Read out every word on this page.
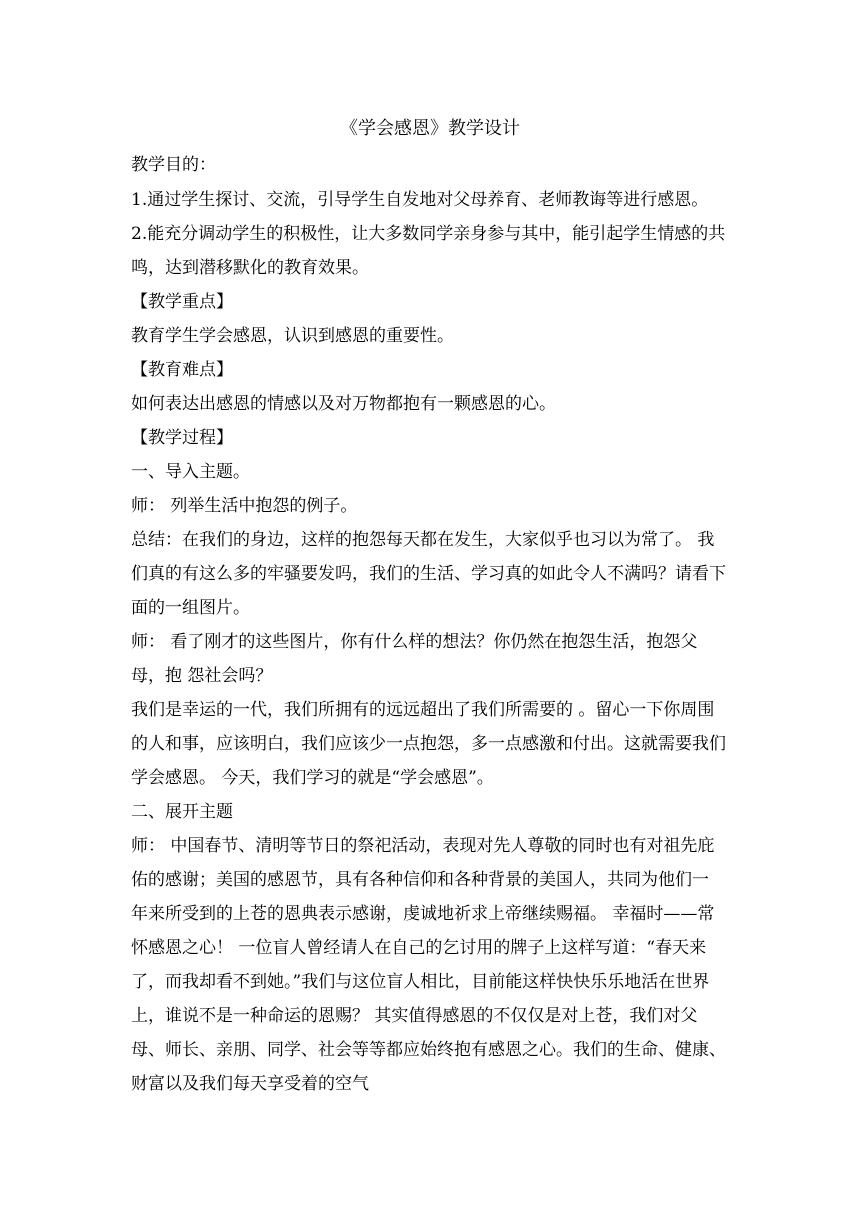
《学会感恩》教学设计
教学目的：
1.通过学生探讨、交流，引导学生自发地对父母养育、老师教诲等进行感恩。
2.能充分调动学生的积极性，让大多数同学亲身参与其中，能引起学生情感的共
鸣，达到潜移默化的教育效果。
【教学重点】
教育学生学会感恩，认识到感恩的重要性。
【教育难点】
如何表达出感恩的情感以及对万物都抱有一颗感恩的心。
【教学过程】
一、导入主题。
师： 列举生活中抱怨的例子。
总结：在我们的身边，这样的抱怨每天都在发生，大家似乎也习以为常了。 我
们真的有这么多的牢骚要发吗，我们的生活、学习真的如此令人不满吗？请看下
面的一组图片。
师： 看了刚才的这些图片，你有什么样的想法？你仍然在抱怨生活，抱怨父
母，抱 怨社会吗？
我们是幸运的一代，我们所拥有的远远超出了我们所需要的 。留心一下你周围
的人和事，应该明白，我们应该少一点抱怨，多一点感激和付出。这就需要我们
学会感恩。 今天，我们学习的就是“学会感恩”。
二、展开主题
师： 中国春节、清明等节日的祭祀活动，表现对先人尊敬的同时也有对祖先庇
佑的感谢；美国的感恩节，具有各种信仰和各种背景的美国人，共同为他们一
年来所受到的上苍的恩典表示感谢，虔诚地祈求上帝继续赐福。 幸福时——常
怀感恩之心！ 一位盲人曾经请人在自己的乞讨用的牌子上这样写道：“春天来
了，而我却看不到她。”我们与这位盲人相比，目前能这样快快乐乐地活在世界
上，谁说不是一种命运的恩赐？ 其实值得感恩的不仅仅是对上苍，我们对父
母、师长、亲朋、同学、社会等等都应始终抱有感恩之心。我们的生命、健康、
财富以及我们每天享受着的空气
